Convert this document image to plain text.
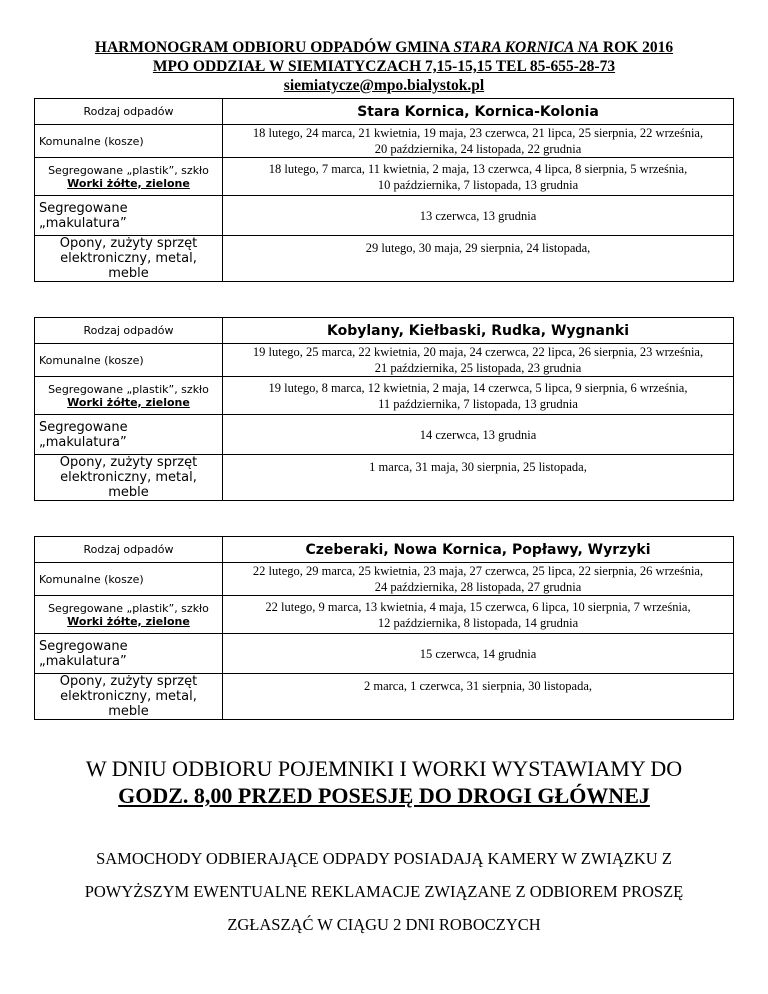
HARMONOGRAM ODBIORU ODPADÓW GMINA STARA KORNICA NA ROK 2016
MPO ODDZIAŁ W SIEMIATYCZACH 7,15-15,15 TEL 85-655-28-73
siemiatycze@mpo.bialystok.pl
Rodzaj odpadów	Stara Kornica, Kornica-Kolonia
Komunalne (kosze)	18 lutego, 24 marca, 21 kwietnia, 19 maja, 23 czerwca, 21 lipca, 25 sierpnia, 22 września,
20 października, 24 listopada, 22 grudnia
Segregowane „plastik”, szkło
Worki żółte, zielone	18 lutego, 7 marca, 11 kwietnia, 2 maja, 13 czerwca, 4 lipca, 8 sierpnia, 5 września,
10 października, 7 listopada, 13 grudnia
Segregowane „makulatura”	13 czerwca, 13 grudnia
Opony, zużyty sprzęt
elektroniczny, metal, meble	29 lutego, 30 maja, 29 sierpnia, 24 listopada,
Rodzaj odpadów	Kobylany, Kiełbaski, Rudka, Wygnanki
Komunalne (kosze)	19 lutego, 25 marca, 22 kwietnia, 20 maja, 24 czerwca, 22 lipca, 26 sierpnia, 23 września,
21 października, 25 listopada, 23 grudnia
Segregowane „plastik”, szkło
Worki żółte, zielone	19 lutego, 8 marca, 12 kwietnia, 2 maja, 14 czerwca, 5 lipca, 9 sierpnia, 6 września,
11 października, 7 listopada, 13 grudnia
Segregowane „makulatura”	14 czerwca, 13 grudnia
Opony, zużyty sprzęt
elektroniczny, metal, meble	1 marca, 31 maja, 30 sierpnia, 25 listopada,
Rodzaj odpadów	Czeberaki, Nowa Kornica, Popławy, Wyrzyki
Komunalne (kosze)	22 lutego, 29 marca, 25 kwietnia, 23 maja, 27 czerwca, 25 lipca, 22 sierpnia, 26 września,
24 października, 28 listopada, 27 grudnia
Segregowane „plastik”, szkło
Worki żółte, zielone	22 lutego, 9 marca, 13 kwietnia, 4 maja, 15 czerwca, 6 lipca, 10 sierpnia, 7 września,
12 października, 8 listopada, 14 grudnia
Segregowane „makulatura”	15 czerwca, 14 grudnia
Opony, zużyty sprzęt
elektroniczny, metal, meble	2 marca, 1 czerwca, 31 sierpnia, 30 listopada,
W DNIU ODBIORU POJEMNIKI I WORKI WYSTAWIAMY DO
GODZ. 8,00 PRZED POSESJĘ DO DROGI GŁÓWNEJ
SAMOCHODY ODBIERAJĄCE ODPADY POSIADAJĄ KAMERY W ZWIĄZKU Z
POWYŻSZYM EWENTUALNE REKLAMACJE ZWIĄZANE Z ODBIOREM PROSZĘ
ZGŁASZĄĆ W CIĄGU 2 DNI ROBOCZYCH
